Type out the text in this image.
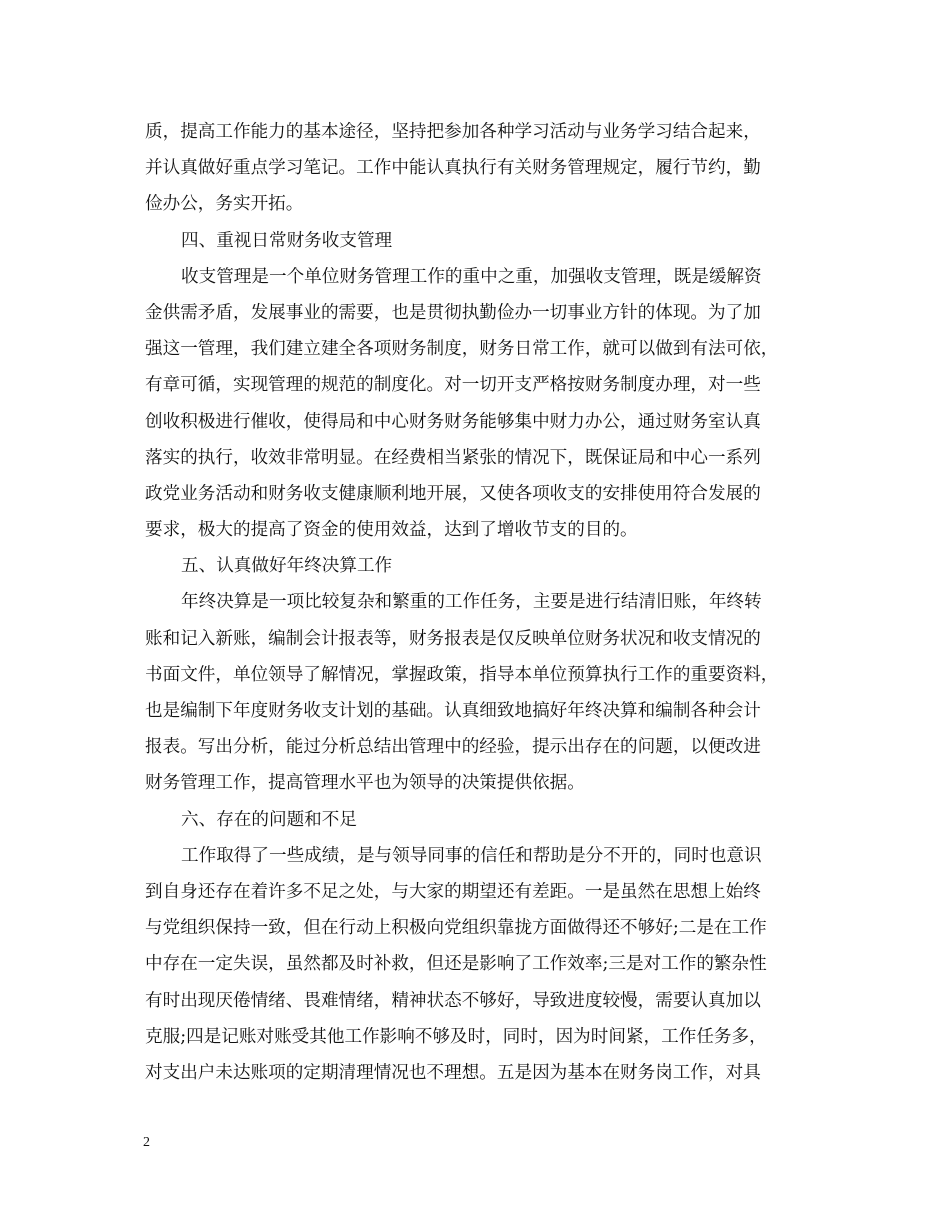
质，提高工作能力的基本途径，坚持把参加各种学习活动与业务学习结合起来，
并认真做好重点学习笔记。工作中能认真执行有关财务管理规定，履行节约，勤
俭办公，务实开拓。
四、重视日常财务收支管理
收支管理是一个单位财务管理工作的重中之重，加强收支管理，既是缓解资
金供需矛盾，发展事业的需要，也是贯彻执勤俭办一切事业方针的体现。为了加
强这一管理，我们建立建全各项财务制度，财务日常工作，就可以做到有法可依，
有章可循，实现管理的规范的制度化。对一切开支严格按财务制度办理，对一些
创收积极进行催收，使得局和中心财务财务能够集中财力办公，通过财务室认真
落实的执行，收效非常明显。在经费相当紧张的情况下，既保证局和中心一系列
政党业务活动和财务收支健康顺利地开展，又使各项收支的安排使用符合发展的
要求，极大的提高了资金的使用效益，达到了增收节支的目的。
五、认真做好年终决算工作
年终决算是一项比较复杂和繁重的工作任务，主要是进行结清旧账，年终转
账和记入新账，编制会计报表等，财务报表是仅反映单位财务状况和收支情况的
书面文件，单位领导了解情况，掌握政策，指导本单位预算执行工作的重要资料，
也是编制下年度财务收支计划的基础。认真细致地搞好年终决算和编制各种会计
报表。写出分析，能过分析总结出管理中的经验，提示出存在的问题，以便改进
财务管理工作，提高管理水平也为领导的决策提供依据。
六、存在的问题和不足
工作取得了一些成绩，是与领导同事的信任和帮助是分不开的，同时也意识
到自身还存在着许多不足之处，与大家的期望还有差距。一是虽然在思想上始终
与党组织保持一致，但在行动上积极向党组织靠拢方面做得还不够好;二是在工作
中存在一定失误，虽然都及时补救，但还是影响了工作效率;三是对工作的繁杂性
有时出现厌倦情绪、畏难情绪，精神状态不够好，导致进度较慢，需要认真加以
克服;四是记账对账受其他工作影响不够及时，同时，因为时间紧，工作任务多，
对支出户未达账项的定期清理情况也不理想。五是因为基本在财务岗工作，对具
2
